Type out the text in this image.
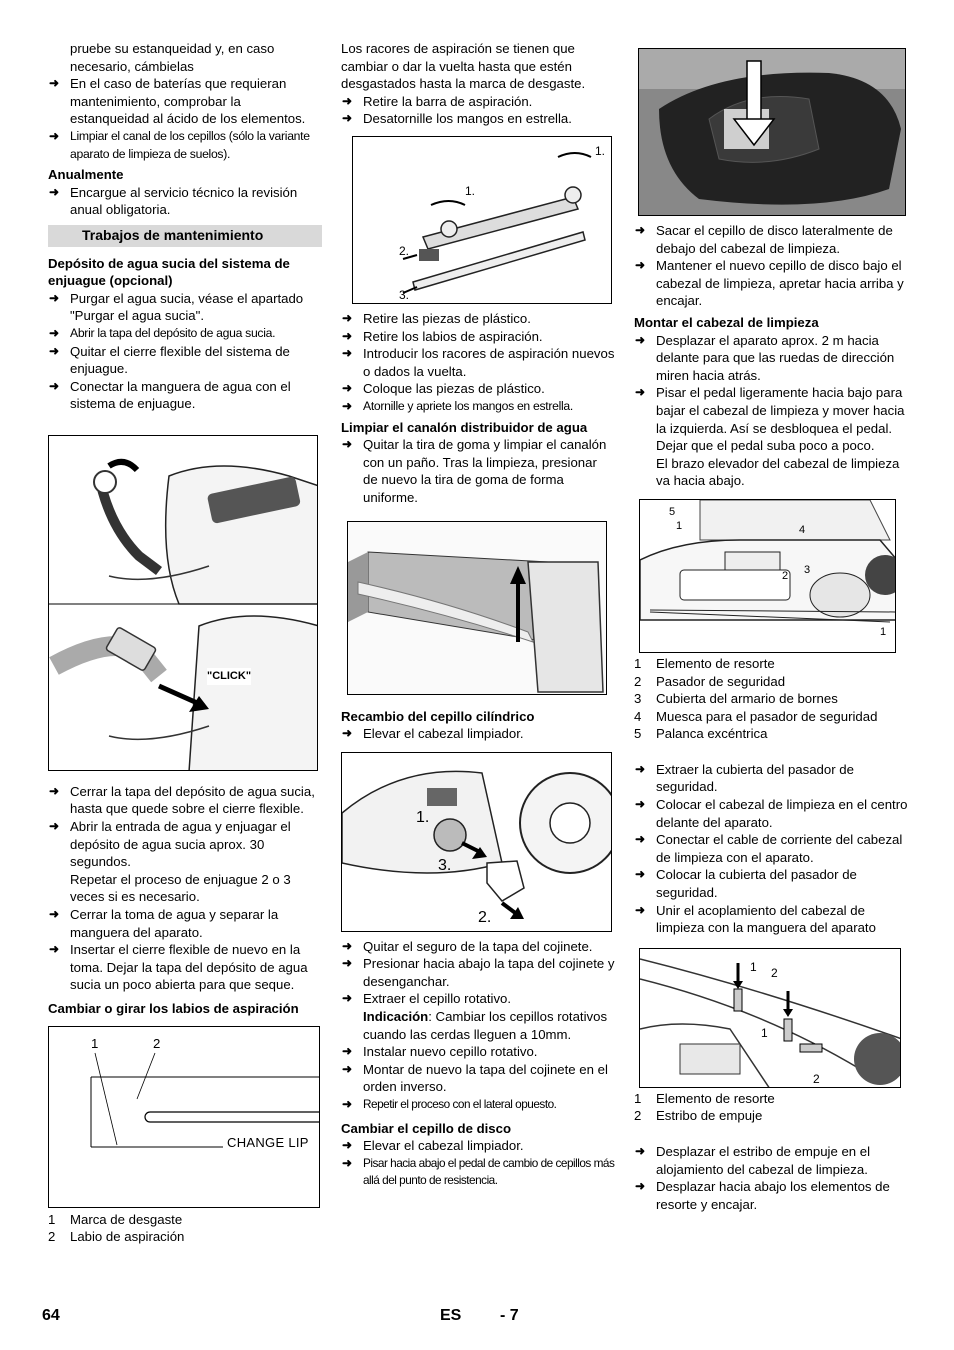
pruebe su estanqueidad y, en caso necesario, cámbielas
➜ En el caso de baterías que requieran mantenimiento, comprobar la estanqueidad al ácido de los elementos.
➜ Limpiar el canal de los cepillos (sólo la variante aparato de limpieza de suelos).
Anualmente
➜ Encargue al servicio técnico la revisión anual obligatoria.
Trabajos de mantenimiento
Depósito de agua sucia del sistema de enjuague (opcional)
➜ Purgar el agua sucia, véase el apartado "Purgar el agua sucia".
➜ Abrir la tapa del depósito de agua sucia.
➜ Quitar el cierre flexible del sistema de enjuague.
➜ Conectar la manguera de agua con el sistema de enjuague.
"CLICK"
➜ Cerrar la tapa del depósito de agua sucia, hasta que quede sobre el cierre flexible.
➜ Abrir la entrada de agua y enjuagar el depósito de agua sucia aprox. 30 segundos.
Repetar el proceso de enjuague 2 o 3 veces si es necesario.
➜ Cerrar la toma de agua y separar la manguera del aparato.
➜ Insertar el cierre flexible de nuevo en la toma. Dejar la tapa del depósito de agua sucia un poco abierta para que seque.
Cambiar o girar los labios de aspiración
1	2
CHANGE LIP
1	Marca de desgaste
2	Labio de aspiración
Los racores de aspiración se tienen que cambiar o dar la vuelta hasta que estén desgastados hasta la marca de desgaste.
➜ Retire la barra de aspiración.
➜ Desatornille los mangos en estrella.
1.
1.
2.
3.
➜ Retire las piezas de plástico.
➜ Retire los labios de aspiración.
➜ Introducir los racores de aspiración nuevos o dados la vuelta.
➜ Coloque las piezas de plástico.
➜ Atornille y apriete los mangos en estrella.
Limpiar el canalón distribuidor de agua
➜ Quitar la tira de goma y limpiar el canalón con un paño. Tras la limpieza, presionar de nuevo la tira de goma de forma uniforme.
Recambio del cepillo cilíndrico
➜ Elevar el cabezal limpiador.
1.
3.
2.
➜ Quitar el seguro de la tapa del cojinete.
➜ Presionar hacia abajo la tapa del cojinete y desenganchar.
➜ Extraer el cepillo rotativo.
Indicación: Cambiar los cepillos rotativos cuando las cerdas lleguen a 10mm.
➜ Instalar nuevo cepillo rotativo.
➜ Montar de nuevo la tapa del cojinete en el orden inverso.
➜ Repetir el proceso con el lateral opuesto.
Cambiar el cepillo de disco
➜ Elevar el cabezal limpiador.
➜ Pisar hacia abajo el pedal de cambio de cepillos más allá del punto de resistencia.
➜ Sacar el cepillo de disco lateralmente de debajo del cabezal de limpieza.
➜ Mantener el nuevo cepillo de disco bajo el cabezal de limpieza, apretar hacia arriba y encajar.
Montar el cabezal de limpieza
➜ Desplazar el aparato aprox. 2 m hacia delante para que las ruedas de dirección miren hacia atrás.
➜ Pisar el pedal ligeramente hacia bajo para bajar el cabezal de limpieza y mover hacia la izquierda. Así se desbloquea el pedal. Dejar que el pedal suba poco a poco.
El brazo elevador del cabezal de limpieza va hacia abajo.
5
1	4
2 3
1
1	Elemento de resorte
2	Pasador de seguridad
3	Cubierta del armario de bornes
4	Muesca para el pasador de seguridad
5	Palanca excéntrica
➜ Extraer la cubierta del pasador de seguridad.
➜ Colocar el cabezal de limpieza en el centro delante del aparato.
➜ Conectar el cable de corriente del cabezal de limpieza con el aparato.
➜ Colocar la cubierta del pasador de seguridad.
➜ Unir el acoplamiento del cabezal de limpieza con la manguera del aparato
1 2
1
2
1	Elemento de resorte
2	Estribo de empuje
➜ Desplazar el estribo de empuje en el alojamiento del cabezal de limpieza.
➜ Desplazar hacia abajo los elementos de resorte y encajar.
64	ES - 7
